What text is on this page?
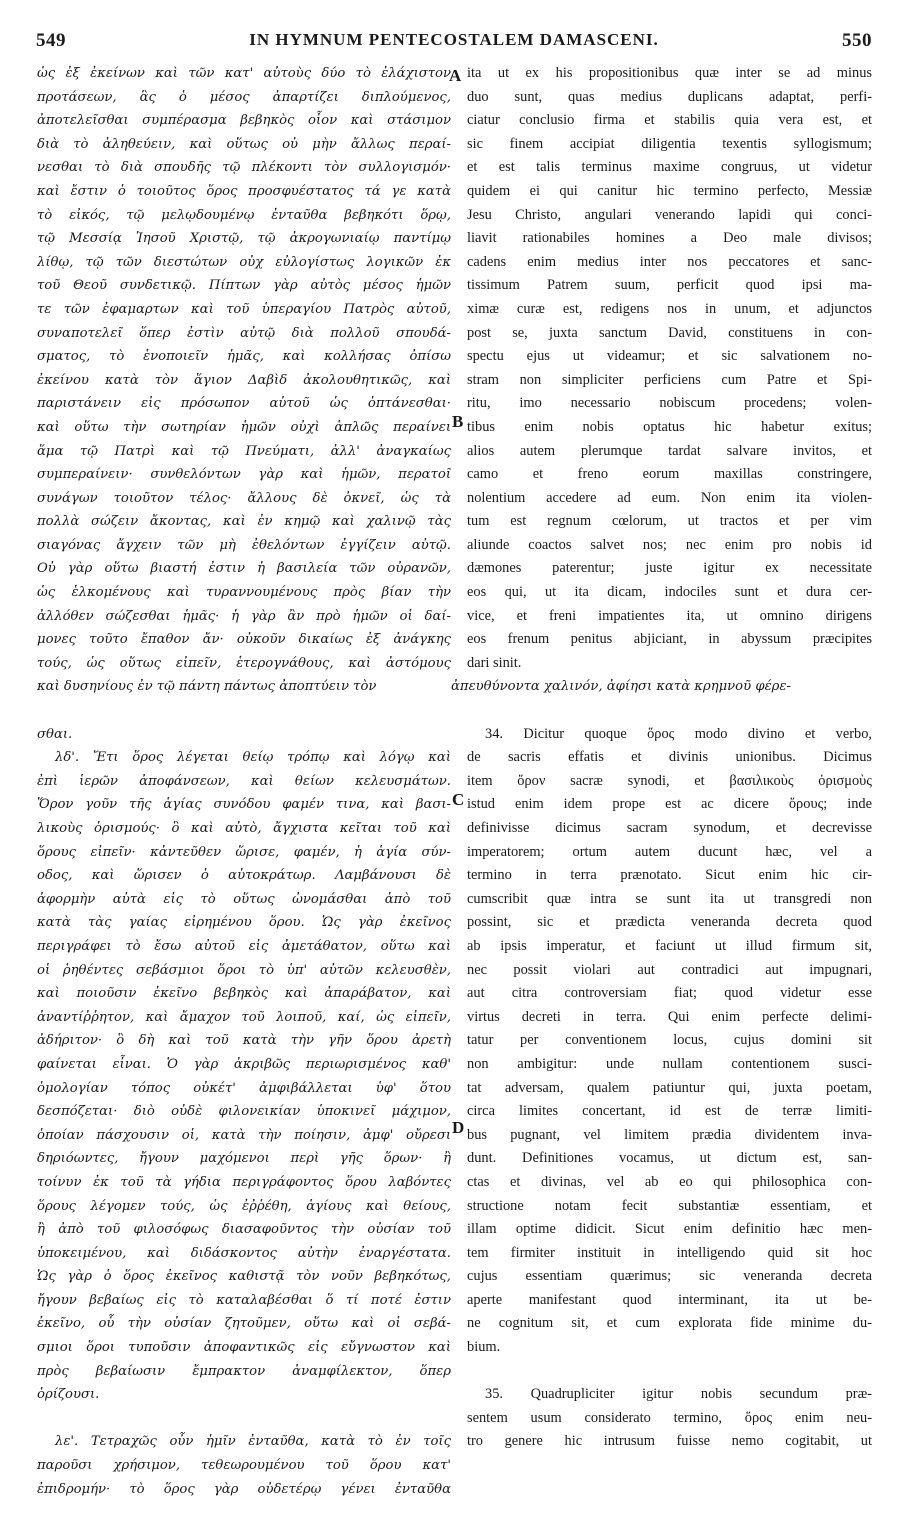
549	IN HYMNUM PENTECOSTALEM DAMASCENI.	550
ὡς ἐξ ἐκείνων καὶ τῶν κατ' αὐτοὺς δύο τὸ ἐλάχιστον
προτάσεων, ἃς ὁ μέσος ἀπαρτίζει διπλούμενος,
ἀποτελεῖσθαι συμπέρασμα βεβηκὸς οἷον καὶ στάσιμον
διὰ τὸ ἀληθεύειν, καὶ οὕτως οὐ μὴν ἄλλως περαί-
νεσθαι τὸ διὰ σπουδῆς τῷ πλέκοντι τὸν συλλογισμόν·
καὶ ἔστιν ὁ τοιοῦτος ὅρος προσφυέστατος τά γε κατὰ
τὸ εἰκός, τῷ μελῳδουμένῳ ἐνταῦθα βεβηκότι ὅρῳ,
τῷ Μεσσίᾳ Ἰησοῦ Χριστῷ, τῷ ἀκρογωνιαίῳ παντίμῳ
λίθῳ, τῷ τῶν διεστώτων οὐχ εὐλογίστως λογικῶν ἐκ
τοῦ Θεοῦ συνδετικῷ. Πίπτων γὰρ αὐτὸς μέσος ἡμῶν
τε τῶν ἐφαμαρτων καὶ τοῦ ὑπεραγίου Πατρὸς αὐτοῦ,
συναποτελεῖ ὅπερ ἐστὶν αὐτῷ διὰ πολλοῦ σπουδά-
σματος, τὸ ἑνοποιεῖν ἡμᾶς, καὶ κολλήσας ὀπίσω
ἐκείνου κατὰ τὸν ἅγιον Δαβὶδ ἀκολουθητικῶς, καὶ
παριστάνειν εἰς πρόσωπον αὐτοῦ ὡς ὀπτάνεσθαι·
καὶ οὕτω τὴν σωτηρίαν ἡμῶν οὐχὶ ἁπλῶς περαίνει
ἅμα τῷ Πατρὶ καὶ τῷ Πνεύματι, ἀλλ' ἀναγκαίως
συμπεραίνειν· συνθελόντων γὰρ καὶ ἡμῶν, περατοῖ
συνάγων τοιοῦτον τέλος· ἄλλους δὲ ὀκνεῖ, ὡς τὰ
πολλὰ σώζειν ἄκοντας, καὶ ἐν κημῷ καὶ χαλινῷ τὰς
σιαγόνας ἄγχειν τῶν μὴ ἐθελόντων ἐγγίζειν αὐτῷ.
Οὐ γὰρ οὕτω βιαστή ἐστιν ἡ βασιλεία τῶν οὐρανῶν,
ὡς ἑλκομένους καὶ τυραννουμένους πρὸς βίαν τὴν
ἀλλόθεν σώζεσθαι ἡμᾶς· ἡ γὰρ ἂν πρὸ ἡμῶν οἱ δαί-
μονες τοῦτο ἔπαθον ἄν· οὐκοῦν δικαίως ἐξ ἀνάγκης
τούς, ὡς οὕτως εἰπεῖν, ἑτερογνάθους, καὶ ἀστόμους
σθαι.
λδ'. Ἔτι ὅρος λέγεται θείῳ τρόπῳ καὶ λόγῳ καὶ
ἐπὶ ἱερῶν ἀποφάνσεων, καὶ θείων κελευσμάτων.
Ὅρον γοῦν τῆς ἁγίας συνόδου φαμέν τινα, καὶ βασι-
λικοὺς ὁρισμούς· ὃ καὶ αὐτὸ, ἄγχιστα κεῖται τοῦ καὶ
ὅρους εἰπεῖν· κἀντεῦθεν ὥρισε, φαμέν, ἡ ἁγία σύν-
οδος, καὶ ὥρισεν ὁ αὐτοκράτωρ. Λαμβάνουσι δὲ
ἀφορμὴν αὐτὰ εἰς τὸ οὕτως ὠνομάσθαι ἀπὸ τοῦ
κατὰ τὰς γαίας εἰρημένου ὅρου. Ὡς γὰρ ἐκεῖνος
περιγράφει τὸ ἔσω αὐτοῦ εἰς ἀμετάθατον, οὕτω καὶ
οἱ ῥηθέντες σεβάσμιοι ὅροι τὸ ὑπ' αὐτῶν κελευσθὲν,
καὶ ποιοῦσιν ἐκεῖνο βεβηκὸς καὶ ἀπαράβατον, καὶ
ἀναντίῤῥητον, καὶ ἄμαχον τοῦ λοιποῦ, καί, ὡς εἰπεῖν,
ἀδήριτον· ὃ δὴ καὶ τοῦ κατὰ τὴν γῆν ὅρου ἀρετὴ
φαίνεται εἶναι. Ὁ γὰρ ἀκριβῶς περιωρισμένος καθ'
ὁμολογίαν τόπος οὐκέτ' ἀμφιβάλλεται ὑφ' ὅτου
δεσπόζεται· διὸ οὐδὲ φιλονεικίαν ὑποκινεῖ μάχιμον,
ὁποίαν πάσχουσιν οἱ, κατὰ τὴν ποίησιν, ἀμφ' οὔρεσι
δηριόωντες, ἤγουν μαχόμενοι περὶ γῆς ὅρων· ἢ
τοίνυν ἐκ τοῦ τὰ γήδια περιγράφοντος ὅρου λαβόντες
ὅρους λέγομεν τούς, ὡς ἐῤῥέθη, ἁγίους καὶ θείους,
ἢ ἀπὸ τοῦ φιλοσόφως διασαφοῦντος τὴν οὐσίαν τοῦ
ὑποκειμένου, καὶ διδάσκοντος αὐτὴν ἐναργέστατα.
Ὡς γὰρ ὁ ὅρος ἐκεῖνος καθιστᾷ τὸν νοῦν βεβηκότως,
ἤγουν βεβαίως εἰς τὸ καταλαβέσθαι ὅ τί ποτέ ἐστιν
ἐκεῖνο, οὗ τὴν οὐσίαν ζητοῦμεν, οὕτω καὶ οἱ σεβά-
σμιοι ὅροι τυποῦσιν ἀποφαντικῶς εἰς εὔγνωστον καὶ
πρὸς βεβαίωσιν ἔμπρακτον ἀναμφίλεκτον, ὅπερ
ὁρίζουσι.
λε'. Τετραχῶς οὖν ἡμῖν ἐνταῦθα, κατὰ τὸ ἐν τοῖς
παροῦσι χρήσιμον, τεθεωρουμένου τοῦ ὅρου κατ'
ἐπιδρομήν· τὸ ὅρος γὰρ οὐδετέρῳ γένει ἐνταῦθα
ita ut ex his propositionibus quæ inter se ad minus
duo sunt, quas medius duplicans adaptat, perfi-
ciatur conclusio firma et stabilis quia vera est, et
sic finem accipiat diligentia texentis syllogismum;
et est talis terminus maxime congruus, ut videtur
quidem ei qui canitur hic termino perfecto, Messiæ
Jesu Christo, angulari venerando lapidi qui conci-
liavit rationabiles homines a Deo male divisos;
cadens enim medius inter nos peccatores et sanc-
tissimum Patrem suum, perficit quod ipsi ma-
ximæ curæ est, redigens nos in unum, et adjunctos
post se, juxta sanctum David, constituens in con-
spectu ejus ut videamur; et sic salvationem no-
stram non simpliciter perficiens cum Patre et Spi-
ritu, imo necessario nobiscum procedens; volen-
tibus enim nobis optatus hic habetur exitus;
alios autem plerumque tardat salvare invitos, et
camo et freno eorum maxillas constringere,
nolentium accedere ad eum. Non enim ita violen-
tum est regnum cœlorum, ut tractos et per vim
aliunde coactos salvet nos; nec enim pro nobis id
dæmones paterentur; juste igitur ex necessitate
eos qui, ut ita dicam, indociles sunt et dura cer-
vice, et freni impatientes ita, ut omnino dirigens
eos frenum penitus abjiciant, in abyssum præcipites
dari sinit.
34. Dicitur quoque ὅρος modo divino et verbo,
de sacris effatis et divinis unionibus. Dicimus
item ὅρον sacræ synodi, et βασιλικοὺς ὁρισμοὺς
istud enim idem prope est ac dicere ὅρους; inde
definivisse dicimus sacram synodum, et decrevisse
imperatorem; ortum autem ducunt hæc, vel a
termino in terra prænotato. Sicut enim hic cir-
cumscribit quæ intra se sunt ita ut transgredi non
possint, sic et prædicta veneranda decreta quod
ab ipsis imperatur, et faciunt ut illud firmum sit,
nec possit violari aut contradici aut impugnari,
aut citra controversiam fiat; quod videtur esse
virtus decreti in terra. Qui enim perfecte delimi-
tatur per conventionem locus, cujus domini sit
non ambigitur: unde nullam contentionem susci-
tat adversam, qualem patiuntur qui, juxta poetam,
circa limites concertant, id est de terræ limiti-
bus pugnant, vel limitem prædia dividentem inva-
dunt. Definitiones vocamus, ut dictum est, san-
ctas et divinas, vel ab eo qui philosophica con-
structione notam fecit substantiæ essentiam, et
illam optime didicit. Sicut enim definitio hæc men-
tem firmiter instituit in intelligendo quid sit hoc
cujus essentiam quærimus; sic veneranda decreta
aperte manifestant quod interminant, ita ut be-
ne cognitum sit, et cum explorata fide minime du-
bium.
35. Quadrupliciter igitur nobis secundum præ-
sentem usum considerato termino, ὅρος enim neu-
tro genere hic intrusum fuisse nemo cogitabit, ut
καὶ δυσηνίους ἐν τῷ πάντη πάντως ἀποπτύειν τὸν	ἀπευθύνοντα χαλινόν, ἀφίησι κατὰ κρημνοῦ φέρε-
A
B
C
D
